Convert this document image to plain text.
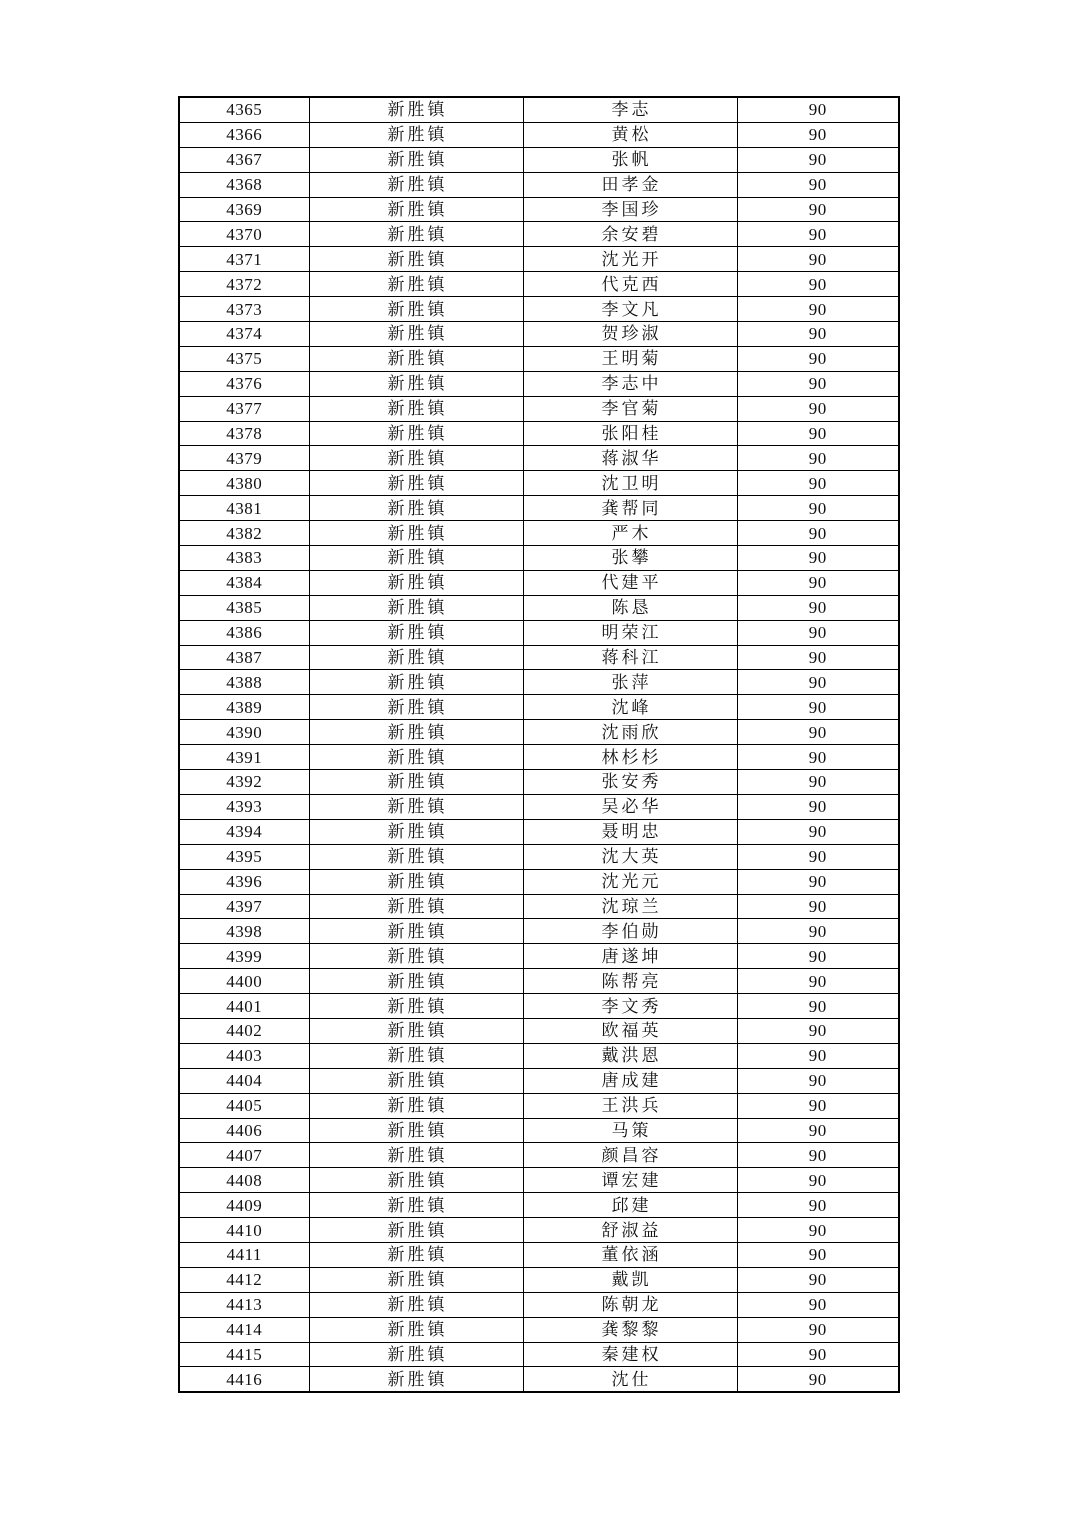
4365	新胜镇	李志	90
4366	新胜镇	黄松	90
4367	新胜镇	张帆	90
4368	新胜镇	田孝金	90
4369	新胜镇	李国珍	90
4370	新胜镇	余安碧	90
4371	新胜镇	沈光开	90
4372	新胜镇	代克西	90
4373	新胜镇	李文凡	90
4374	新胜镇	贺珍淑	90
4375	新胜镇	王明菊	90
4376	新胜镇	李志中	90
4377	新胜镇	李官菊	90
4378	新胜镇	张阳桂	90
4379	新胜镇	蒋淑华	90
4380	新胜镇	沈卫明	90
4381	新胜镇	龚帮同	90
4382	新胜镇	严木	90
4383	新胜镇	张攀	90
4384	新胜镇	代建平	90
4385	新胜镇	陈恳	90
4386	新胜镇	明荣江	90
4387	新胜镇	蒋科江	90
4388	新胜镇	张萍	90
4389	新胜镇	沈峰	90
4390	新胜镇	沈雨欣	90
4391	新胜镇	林杉杉	90
4392	新胜镇	张安秀	90
4393	新胜镇	吴必华	90
4394	新胜镇	聂明忠	90
4395	新胜镇	沈大英	90
4396	新胜镇	沈光元	90
4397	新胜镇	沈琼兰	90
4398	新胜镇	李伯勋	90
4399	新胜镇	唐遂坤	90
4400	新胜镇	陈帮亮	90
4401	新胜镇	李文秀	90
4402	新胜镇	欧福英	90
4403	新胜镇	戴洪恩	90
4404	新胜镇	唐成建	90
4405	新胜镇	王洪兵	90
4406	新胜镇	马策	90
4407	新胜镇	颜昌容	90
4408	新胜镇	谭宏建	90
4409	新胜镇	邱建	90
4410	新胜镇	舒淑益	90
4411	新胜镇	董依涵	90
4412	新胜镇	戴凯	90
4413	新胜镇	陈朝龙	90
4414	新胜镇	龚黎黎	90
4415	新胜镇	秦建权	90
4416	新胜镇	沈仕	90
